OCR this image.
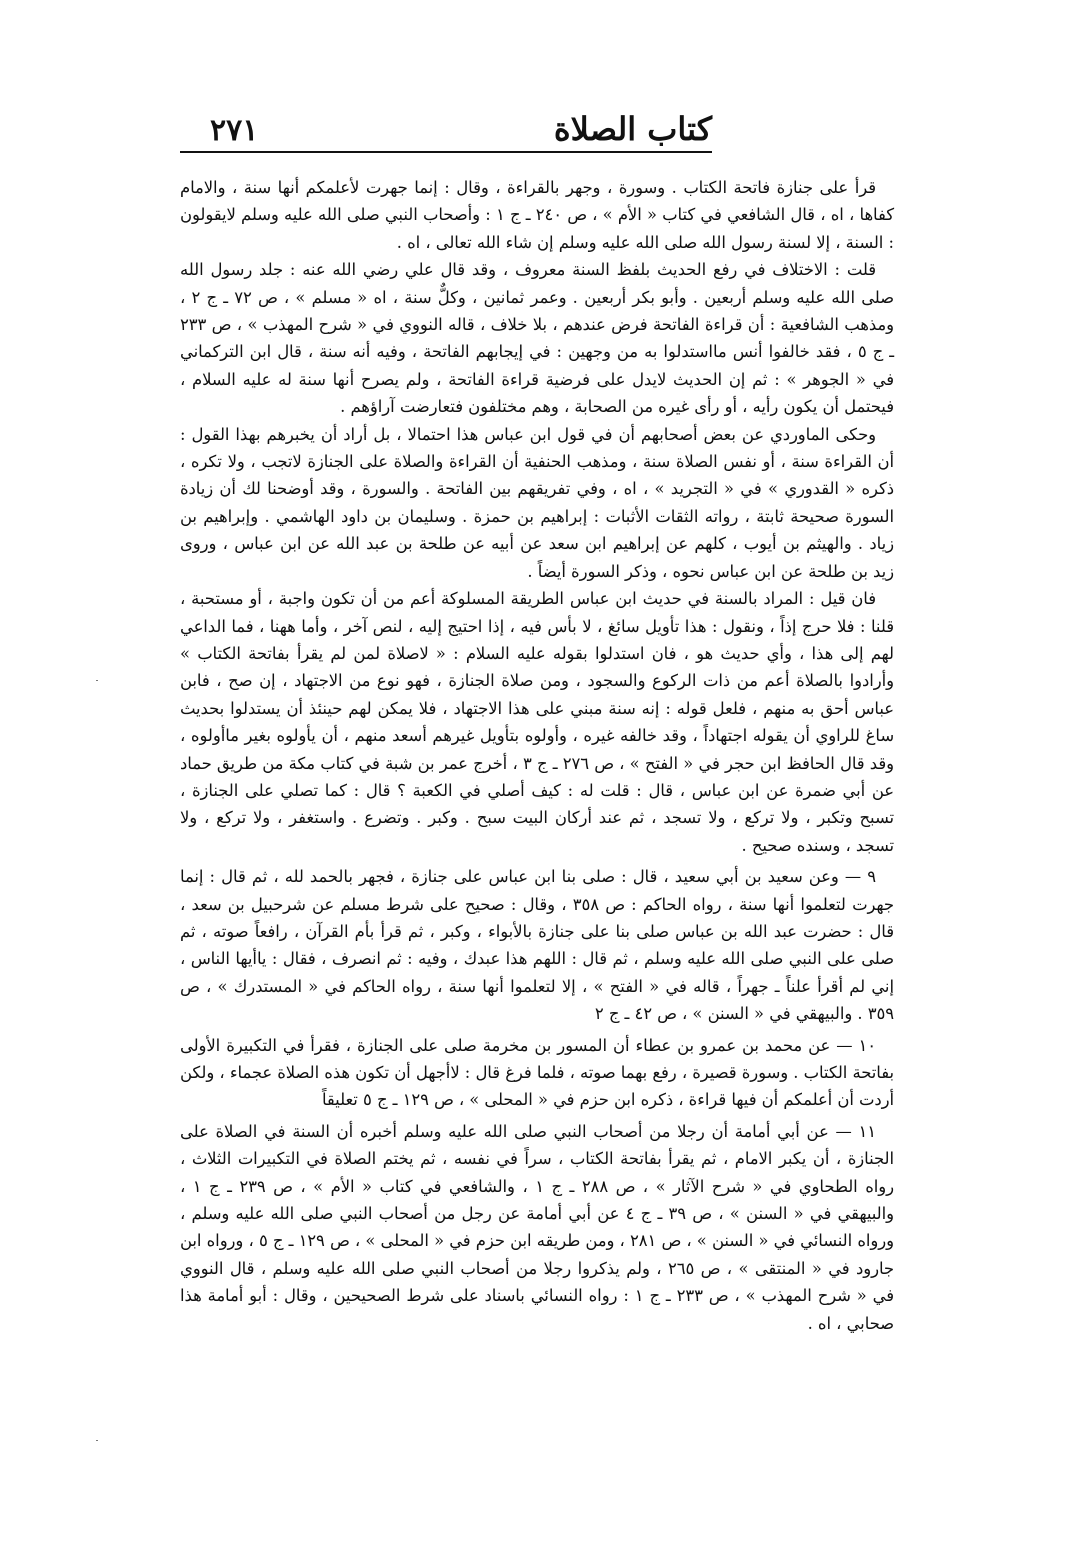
كتاب الصلاة
٢٧١

قرأ على جنازة فاتحة الكتاب . وسورة ، وجهر بالقراءة ، وقال : إنما جهرت لأعلمكم أنها سنة ، والامام كفاها ، اه ، قال الشافعي في كتاب « الأم » ، ص ٢٤٠ ـ ج ١ : وأصحاب النبي صلى الله عليه وسلم لايقولون : السنة ، إلا لسنة رسول الله صلى الله عليه وسلم إن شاء الله تعالى ، اه .

قلت : الاختلاف في رفع الحديث بلفظ السنة معروف ، وقد قال علي رضي الله عنه : جلد رسول الله صلى الله عليه وسلم أربعين . وأبو بكر أربعين . وعمر ثمانين ، وكلٌّ سنة ، اه « مسلم » ، ص ٧٢ ـ ج ٢ ، ومذهب الشافعية : أن قراءة الفاتحة فرض عندهم ، بلا خلاف ، قاله النووي في « شرح المهذب » ، ص ٢٣٣ ـ ج ٥ ، فقد خالفوا أنس مااستدلوا به من وجهين : في إيجابهم الفاتحة ، وفيه أنه سنة ، قال ابن التركماني في « الجوهر » : ثم إن الحديث لايدل على فرضية قراءة الفاتحة ، ولم يصرح أنها سنة له عليه السلام ، فيحتمل أن يكون رأيه ، أو رأى غيره من الصحابة ، وهم مختلفون فتعارضت آراؤهم .

وحكى الماوردي عن بعض أصحابهم أن في قول ابن عباس هذا احتمالا ، بل أراد أن يخبرهم بهذا القول : أن القراءة سنة ، أو نفس الصلاة سنة ، ومذهب الحنفية أن القراءة والصلاة على الجنازة لاتجب ، ولا تكره ، ذكره « القدوري » في « التجريد » ، اه ، وفي تفريقهم بين الفاتحة . والسورة ، وقد أوضحنا لك أن زيادة السورة صحيحة ثابتة ، رواته الثقات الأثبات : إبراهيم بن حمزة . وسليمان بن داود الهاشمي . وإبراهيم بن زياد . والهيثم بن أيوب ، كلهم عن إبراهيم ابن سعد عن أبيه عن طلحة بن عبد الله عن ابن عباس ، وروى زيد بن طلحة عن ابن عباس نحوه ، وذكر السورة أيضاً .

فان قيل : المراد بالسنة في حديث ابن عباس الطريقة المسلوكة أعم من أن تكون واجبة ، أو مستحبة ، قلنا : فلا حرج إذاً ، ونقول : هذا تأويل سائغ ، لا بأس فيه ، إذا احتيج إليه ، لنص آخر ، وأما ههنا ، فما الداعي لهم إلى هذا ، وأي حديث هو ، فان استدلوا بقوله عليه السلام : « لاصلاة لمن لم يقرأ بفاتحة الكتاب » وأرادوا بالصلاة أعم من ذات الركوع والسجود ، ومن صلاة الجنازة ، فهو نوع من الاجتهاد ، إن صح ، فابن عباس أحق به منهم ، فلعل قوله : إنه سنة مبني على هذا الاجتهاد ، فلا يمكن لهم حينئذ أن يستدلوا بحديث ساغ للراوي أن يقوله اجتهاداً ، وقد خالفه غيره ، وأولوه بتأويل غيرهم أسعد منهم ، أن يأولوه بغير ماأولوه ، وقد قال الحافظ ابن حجر في « الفتح » ، ص ٢٧٦ ـ ج ٣ ، أخرج عمر بن شبة في كتاب مكة من طريق حماد عن أبي ضمرة عن ابن عباس ، قال : قلت له : كيف أصلي في الكعبة ؟ قال : كما تصلي على الجنازة ، تسبح وتكبر ، ولا تركع ، ولا تسجد ، ثم عند أركان البيت سبح . وكبر . وتضرع . واستغفر ، ولا تركع ، ولا تسجد ، وسنده صحيح .

٩ — وعن سعيد بن أبي سعيد ، قال : صلى بنا ابن عباس على جنازة ، فجهر بالحمد لله ، ثم قال : إنما جهرت لتعلموا أنها سنة ، رواه الحاكم : ص ٣٥٨ ، وقال : صحيح على شرط مسلم عن شرحبيل بن سعد ، قال : حضرت عبد الله بن عباس صلى بنا على جنازة بالأبواء ، وكبر ، ثم قرأ بأم القرآن ، رافعاً صوته ، ثم صلى على النبي صلى الله عليه وسلم ، ثم قال : اللهم هذا عبدك ، وفيه : ثم انصرف ، فقال : ياأيها الناس ، إني لم أقرأ علناً ـ جهراً ، قاله في « الفتح » ، إلا لتعلموا أنها سنة ، رواه الحاكم في « المستدرك » ، ص ٣٥٩ . والبيهقي في « السنن » ، ص ٤٢ ـ ج ٢

١٠ — عن محمد بن عمرو بن عطاء أن المسور بن مخرمة صلى على الجنازة ، فقرأ في التكبيرة الأولى بفاتحة الكتاب . وسورة قصيرة ، رفع بهما صوته ، فلما فرغ قال : لاأجهل أن تكون هذه الصلاة عجماء ، ولكن أردت أن أعلمكم أن فيها قراءة ، ذكره ابن حزم في « المحلى » ، ص ١٢٩ ـ ج ٥ تعليقاً

١١ — عن أبي أمامة أن رجلا من أصحاب النبي صلى الله عليه وسلم أخبره أن السنة في الصلاة على الجنازة ، أن يكبر الامام ، ثم يقرأ بفاتحة الكتاب ، سراً في نفسه ، ثم يختم الصلاة في التكبيرات الثلاث ، رواه الطحاوي في « شرح الآثار » ، ص ٢٨٨ ـ ج ١ ، والشافعي في كتاب « الأم » ، ص ٢٣٩ ـ ج ١ ، والبيهقي في « السنن » ، ص ٣٩ ـ ج ٤ عن أبي أمامة عن رجل من أصحاب النبي صلى الله عليه وسلم ، ورواه النسائي في « السنن » ، ص ٢٨١ ، ومن طريقه ابن حزم في « المحلى » ، ص ١٢٩ ـ ج ٥ ، ورواه ابن جارود في « المنتقى » ، ص ٢٦٥ ، ولم يذكروا رجلا من أصحاب النبي صلى الله عليه وسلم ، قال النووي في « شرح المهذب » ، ص ٢٣٣ ـ ج ١ : رواه النسائي باسناد على شرط الصحيحين ، وقال : أبو أمامة هذا صحابي ، اه .
